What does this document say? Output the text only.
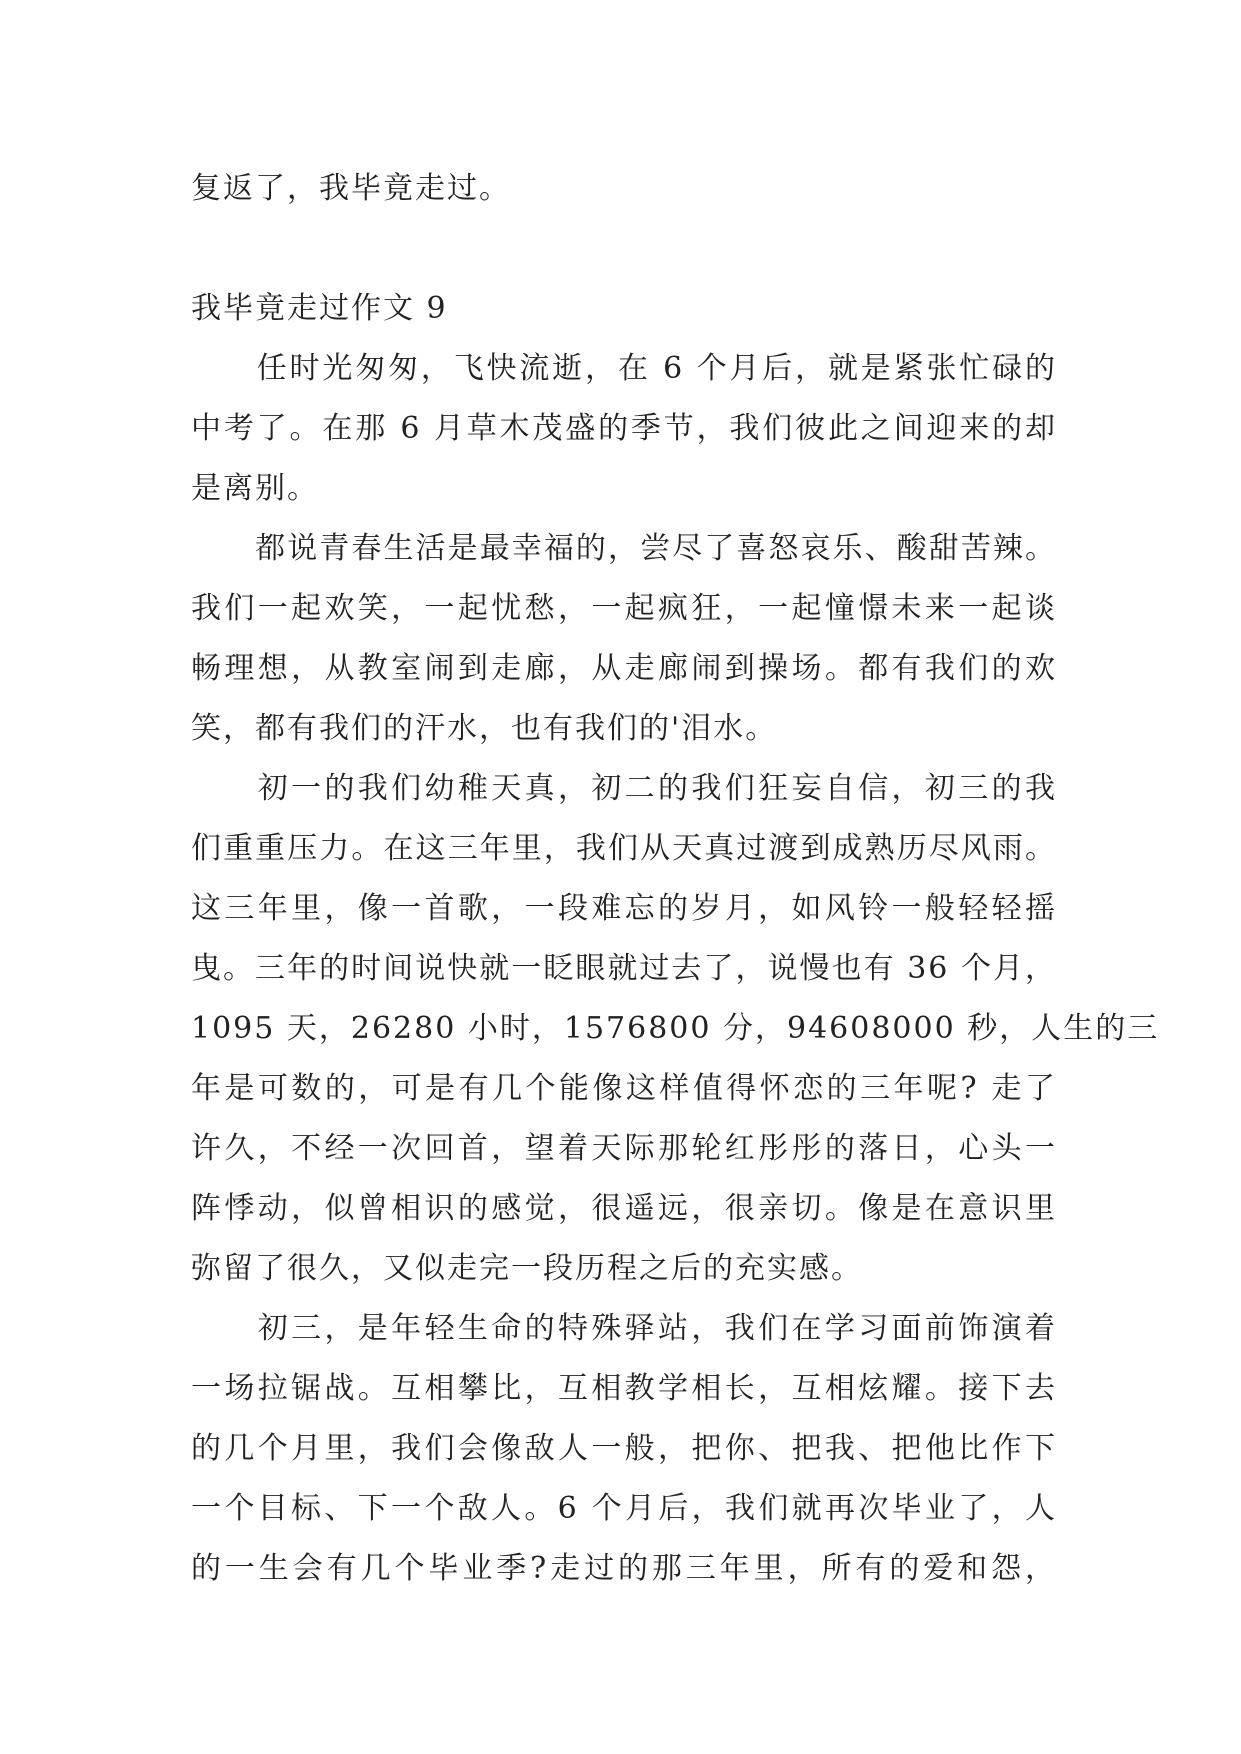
复返了，我毕竟走过。
我毕竟走过作文 9
　　任时光匆匆，飞快流逝，在 6 个月后，就是紧张忙碌的
中考了。在那 6 月草木茂盛的季节，我们彼此之间迎来的却
是离别。
　　都说青春生活是最幸福的，尝尽了喜怒哀乐、酸甜苦辣。
我们一起欢笑，一起忧愁，一起疯狂，一起憧憬未来一起谈
畅理想，从教室闹到走廊，从走廊闹到操场。都有我们的欢
笑，都有我们的汗水，也有我们的'泪水。
　　初一的我们幼稚天真，初二的我们狂妄自信，初三的我
们重重压力。在这三年里，我们从天真过渡到成熟历尽风雨。
这三年里，像一首歌，一段难忘的岁月，如风铃一般轻轻摇
曳。三年的时间说快就一眨眼就过去了，说慢也有 36 个月，
1095 天，26280 小时，1576800 分，94608000 秒，人生的三
年是可数的，可是有几个能像这样值得怀恋的三年呢? 走了
许久，不经一次回首，望着天际那轮红彤彤的落日，心头一
阵悸动，似曾相识的感觉，很遥远，很亲切。像是在意识里
弥留了很久，又似走完一段历程之后的充实感。
　　初三，是年轻生命的特殊驿站，我们在学习面前饰演着
一场拉锯战。互相攀比，互相教学相长，互相炫耀。接下去
的几个月里，我们会像敌人一般，把你、把我、把他比作下
一个目标、下一个敌人。6 个月后，我们就再次毕业了，人
的一生会有几个毕业季?走过的那三年里，所有的爱和怨，
